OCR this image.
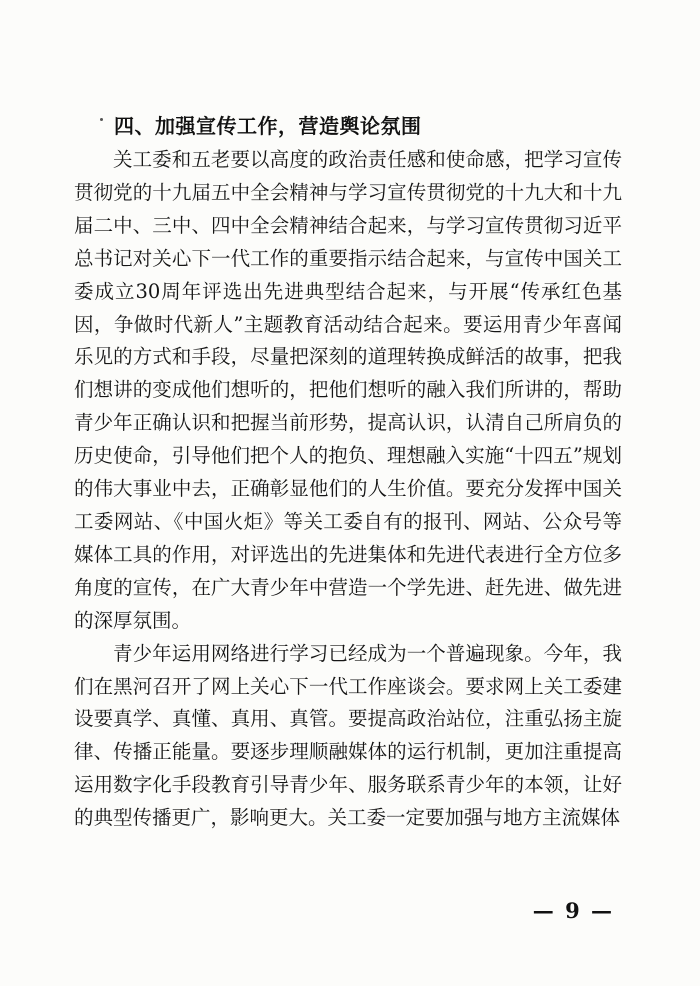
四、加强宣传工作，营造舆论氛围

关工委和五老要以高度的政治责任感和使命感，把学习宣传贯彻党的十九届五中全会精神与学习宣传贯彻党的十九大和十九届二中、三中、四中全会精神结合起来，与学习宣传贯彻习近平总书记对关心下一代工作的重要指示结合起来，与宣传中国关工委成立30周年评选出先进典型结合起来，与开展“传承红色基因，争做时代新人”主题教育活动结合起来。要运用青少年喜闻乐见的方式和手段，尽量把深刻的道理转换成鲜活的故事，把我们想讲的变成他们想听的，把他们想听的融入我们所讲的，帮助青少年正确认识和把握当前形势，提高认识，认清自己所肩负的历史使命，引导他们把个人的抱负、理想融入实施“十四五”规划的伟大事业中去，正确彰显他们的人生价值。要充分发挥中国关工委网站、《中国火炬》等关工委自有的报刊、网站、公众号等媒体工具的作用，对评选出的先进集体和先进代表进行全方位多角度的宣传，在广大青少年中营造一个学先进、赶先进、做先进的深厚氛围。

青少年运用网络进行学习已经成为一个普遍现象。今年，我们在黑河召开了网上关心下一代工作座谈会。要求网上关工委建设要真学、真懂、真用、真管。要提高政治站位，注重弘扬主旋律、传播正能量。要逐步理顺融媒体的运行机制，更加注重提高运用数字化手段教育引导青少年、服务联系青少年的本领，让好的典型传播更广，影响更大。关工委一定要加强与地方主流媒体

— 9 —
